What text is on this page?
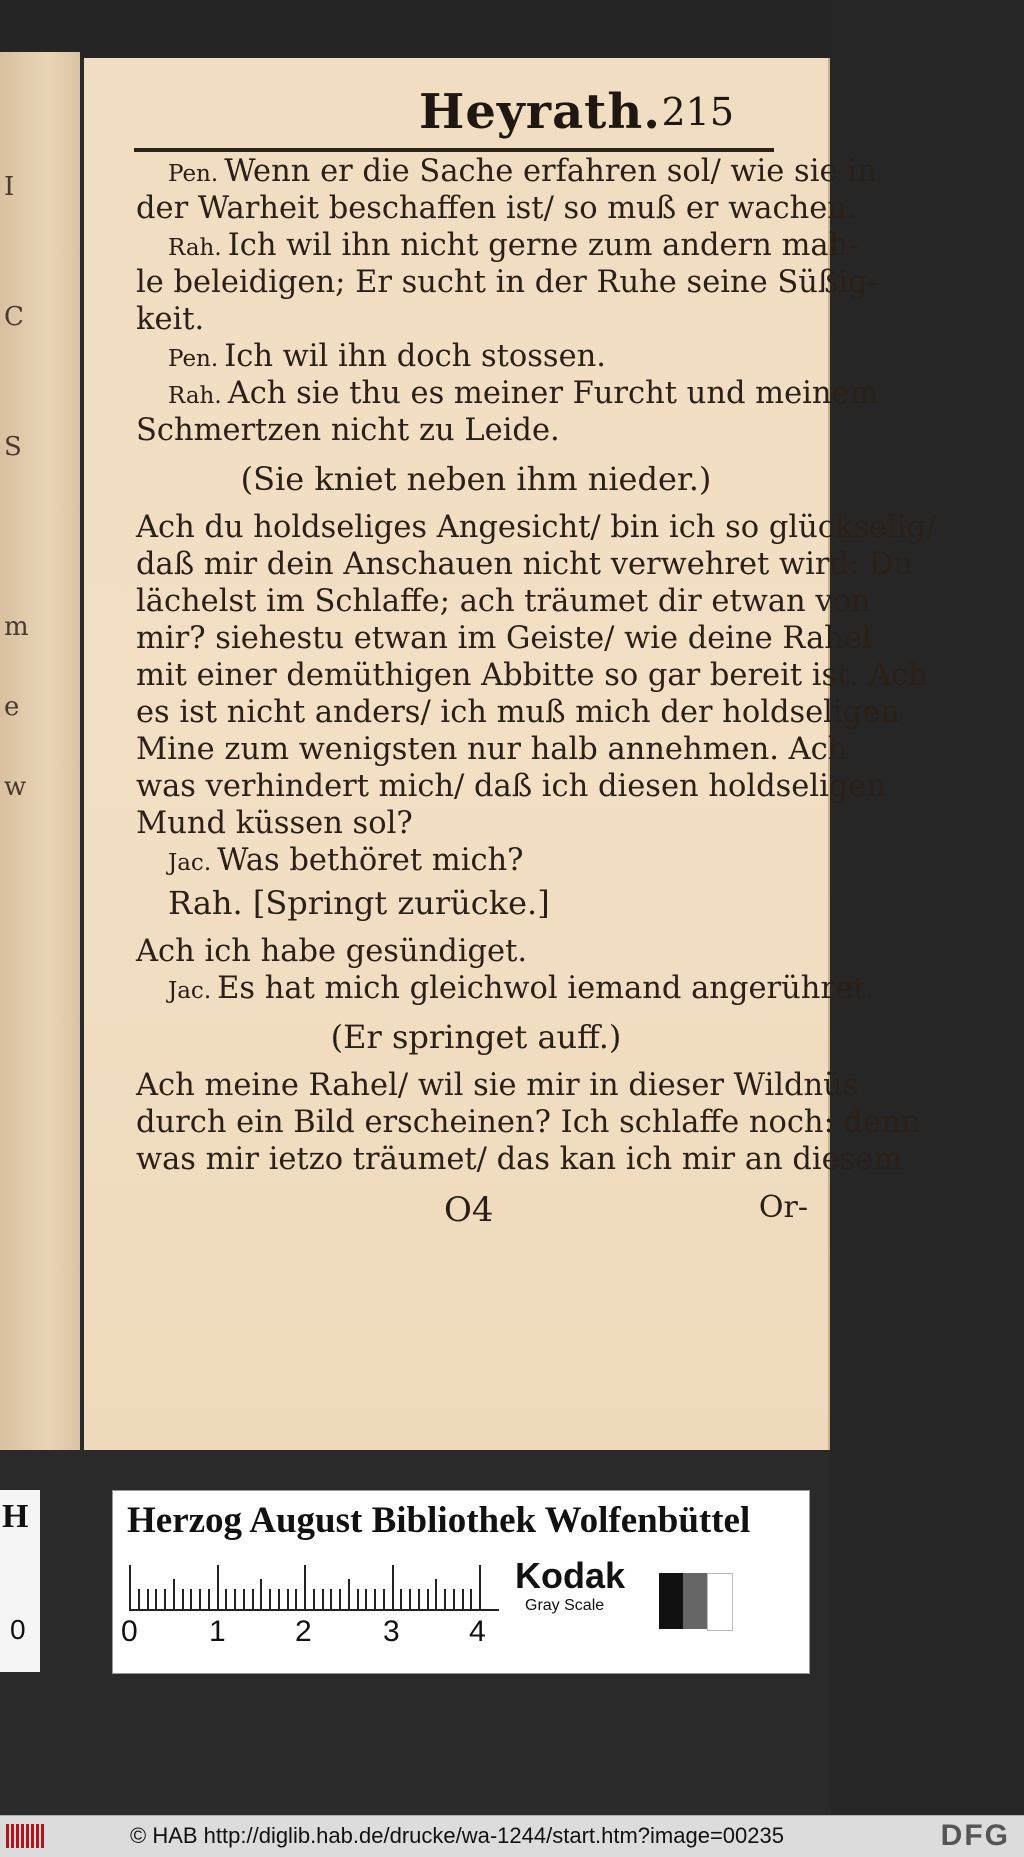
I
C
S
m
e
w
Heyrath. 215
Pen. Wenn er die Sache erfahren sol/ wie sie in
der Warheit beschaffen ist/ so muß er wachen.
Rah. Ich wil ihn nicht gerne zum andern mah-
le beleidigen; Er sucht in der Ruhe seine Süßig-
keit.
Pen. Ich wil ihn doch stossen.
Rah. Ach sie thu es meiner Furcht und meinem
Schmertzen nicht zu Leide.
(Sie kniet neben ihm nieder.)
Ach du holdseliges Angesicht/ bin ich so glückselig/
daß mir dein Anschauen nicht verwehret wird: Du
lächelst im Schlaffe; ach träumet dir etwan von
mir? siehestu etwan im Geiste/ wie deine Rahel
mit einer demüthigen Abbitte so gar bereit ist. Ach
es ist nicht anders/ ich muß mich der holdseligen
Mine zum wenigsten nur halb annehmen. Ach
was verhindert mich/ daß ich diesen holdseligen
Mund küssen sol?
Jac. Was bethöret mich?
Rah. [Springt zurücke.]
Ach ich habe gesündiget.
Jac. Es hat mich gleichwol iemand angerühret.
(Er springet auff.)
Ach meine Rahel/ wil sie mir in dieser Wildnüs
durch ein Bild erscheinen? Ich schlaffe noch: denn
was mir ietzo träumet/ das kan ich mir an diesem
O4	Or-
H
0
Herzog August Bibliothek Wolfenbüttel
0 1 2 3 4
Kodak
Gray Scale
© HAB http://diglib.hab.de/drucke/wa-1244/start.htm?image=00235	DFG
